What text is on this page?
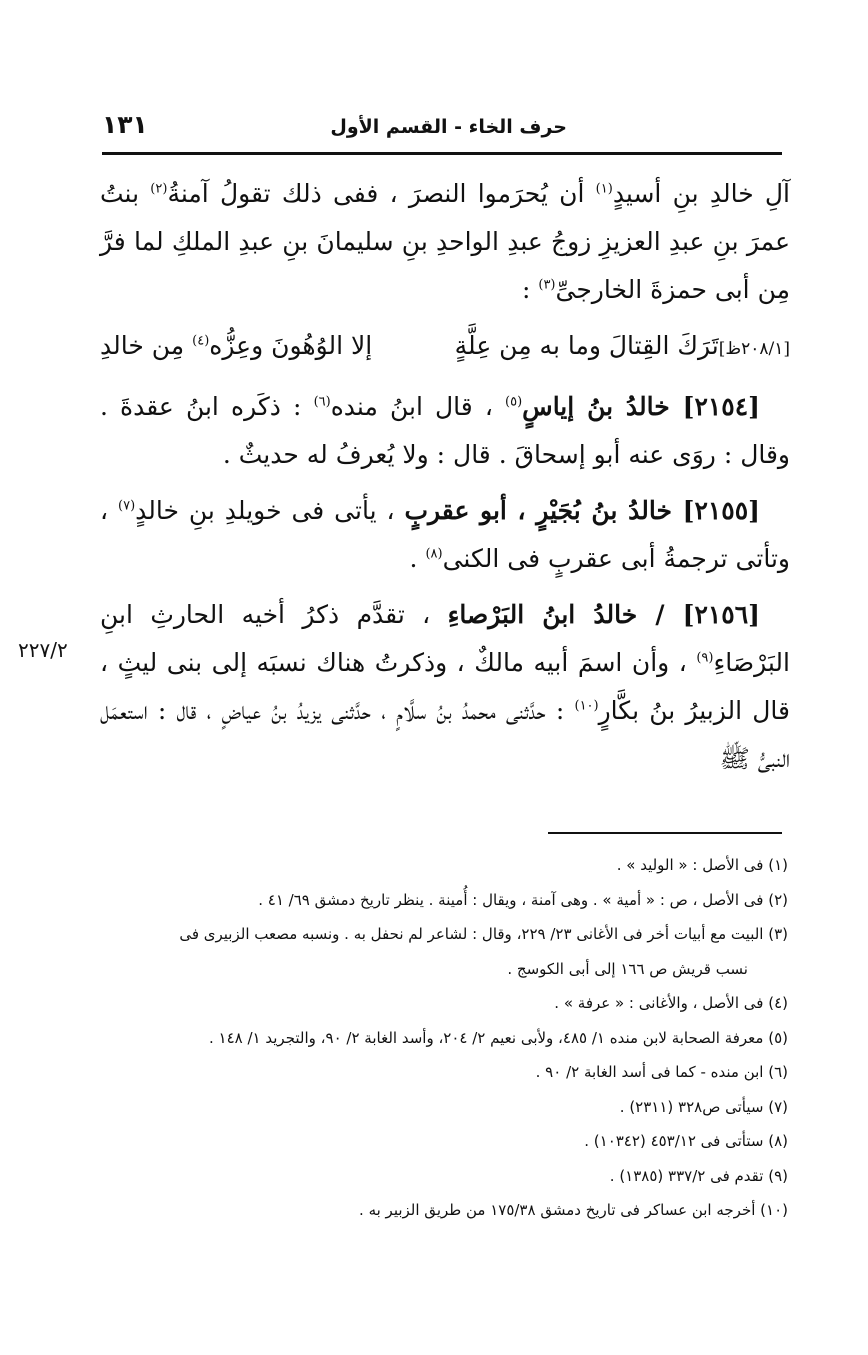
حرف الخاء - القسم الأول
١٣١
٢٢٧/٢

آلِ خالدِ بنِ أسيدٍ$^{(١)}$ أن يُحرَموا النصرَ ، ففى ذلك تقولُ آمنةُ$^{(٢)}$ بنتُ عمرَ بنِ عبدِ العزيزِ زوجُ عبدِ الواحدِ بنِ سليمانَ بنِ عبدِ الملكِ لما فرَّ مِن أبى حمزةَ الخارجىِّ$^{(٣)}$ :

[٢٠٨/١ظ]تَرَكَ القِتالَ وما به مِن عِلَّةٍ
إلا الوُهُونَ وعِزُّه$^{(٤)}$ مِن خالدِ

[٢١٥٤] خالدُ بنُ إياسٍ$^{(٥)}$ ، قال ابنُ منده$^{(٦)}$ : ذكَره ابنُ عقدةَ . وقال : روَى عنه أبو إسحاقَ . قال : ولا يُعرفُ له حديثٌ .

[٢١٥٥] خالدُ بنُ بُجَيْرٍ ، أبو عقربٍ ، يأتى فى خويلدِ بنِ خالدٍ$^{(٧)}$ ، وتأتى ترجمةُ أبى عقربٍ فى الكنى$^{(٨)}$ .

[٢١٥٦] / خالدُ ابنُ البَرْصاءِ ، تقدَّم ذكرُ أخيه الحارثِ ابنِ البَرْصَاءِ$^{(٩)}$ ، وأن اسمَ أبيه مالكٌ ، وذكرتُ هناك نسبَه إلى بنى ليثٍ ، قال الزبيرُ بنُ بكَّارٍ$^{(١٠)}$ : حدَّثنى محمدُ بنُ سلَّامٍ ، حدَّثنى يزيدُ بنُ عياضٍ ، قال : استعمَل النبىُّ ﷺ

(١) فى الأصل : « الوليد » .

(٢) فى الأصل ، ص : « أمية » . وهى آمنة ، ويقال : أُمينة . ينظر تاريخ دمشق ٦٩/ ٤١ .

(٣) البيت مع أبيات أخر فى الأغانى ٢٣/ ٢٢٩، وقال : لشاعر لم نحفل به . ونسبه مصعب الزبيرى فى

نسب قريش ص ١٦٦ إلى أبى الكوسج .

(٤) فى الأصل ، والأغانى : « عرفة » .

(٥) معرفة الصحابة لابن منده ١/ ٤٨٥، ولأبى نعيم ٢/ ٢٠٤، وأسد الغابة ٢/ ٩٠، والتجريد ١/ ١٤٨ .

(٦) ابن منده - كما فى أسد الغابة ٢/ ٩٠ .

(٧) سيأتى ص٣٢٨ (٢٣١١) .

(٨) ستأتى فى ٤٥٣/١٢ (١٠٣٤٢) .

(٩) تقدم فى ٣٣٧/٢ (١٣٨٥) .

(١٠) أخرجه ابن عساكر فى تاريخ دمشق ١٧٥/٣٨ من طريق الزبير به .
